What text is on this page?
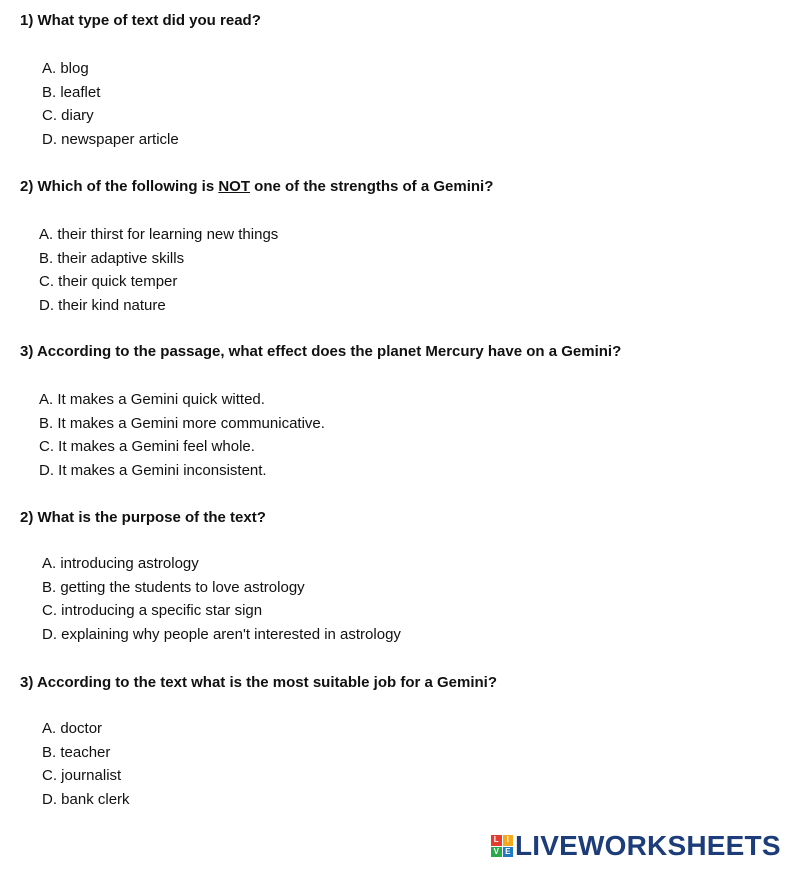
1) What type of text did you read?

A. blog
B. leaflet
C. diary
D. newspaper article

2) Which of the following is NOT one of the strengths of a Gemini?

A. their thirst for learning new things
B. their adaptive skills
C. their quick temper
D. their kind nature

3) According to the passage, what effect does the planet Mercury have on a Gemini?

A. It makes a Gemini quick witted.
B. It makes a Gemini more communicative.
C. It makes a Gemini feel whole.
D. It makes a Gemini inconsistent.

2) What is the purpose of the text?

A. introducing astrology
B. getting the students to love astrology
C. introducing a specific star sign
D. explaining why people aren't interested in astrology

3) According to the text what is the most suitable job for a Gemini?

A. doctor
B. teacher
C. journalist
D. bank clerk
L I
V E LIVEWORKSHEETS
